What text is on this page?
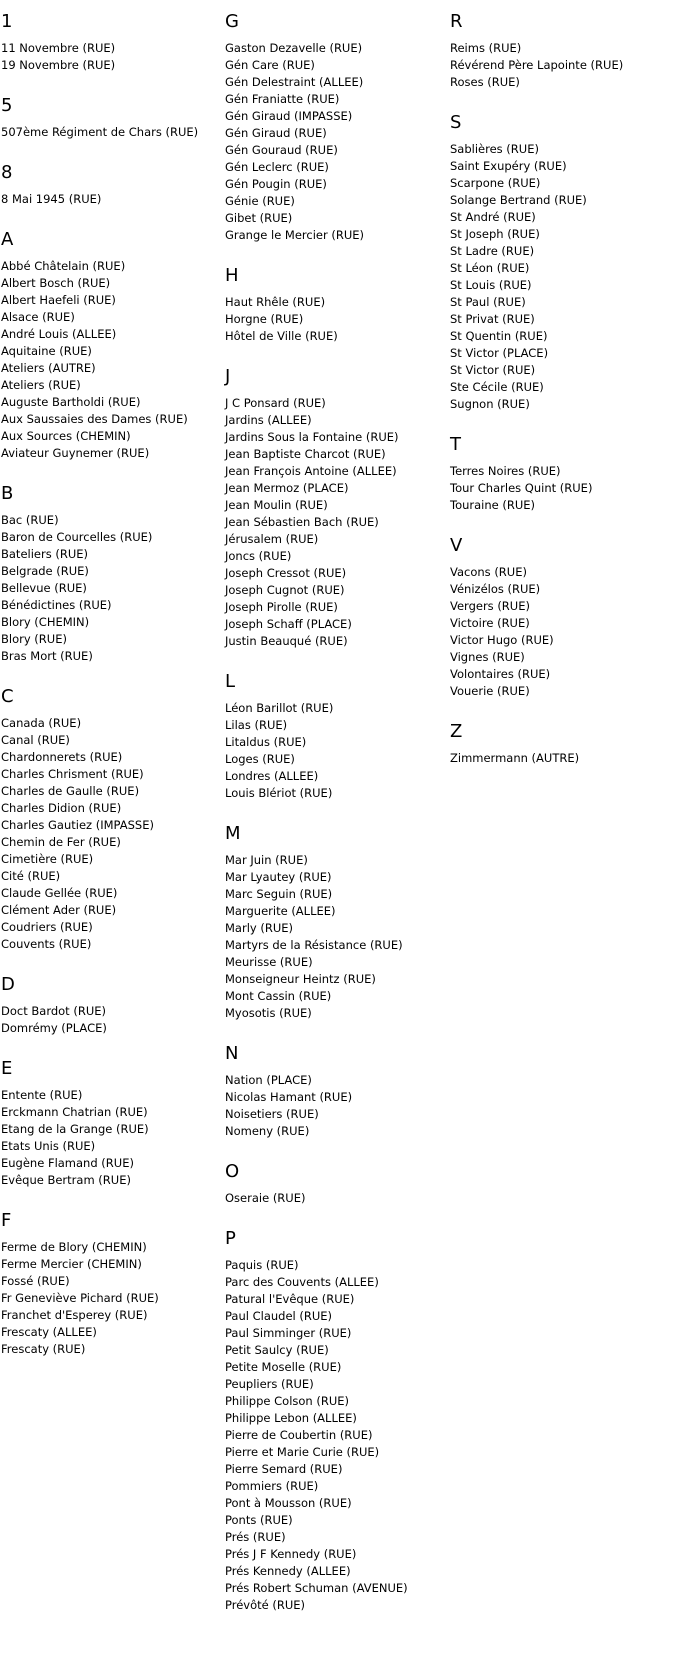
1
11 Novembre (RUE)
19 Novembre (RUE)
5
507ème Régiment de Chars (RUE)
8
8 Mai 1945 (RUE)
A
Abbé Châtelain (RUE)
Albert Bosch (RUE)
Albert Haefeli (RUE)
Alsace (RUE)
André Louis (ALLEE)
Aquitaine (RUE)
Ateliers (AUTRE)
Ateliers (RUE)
Auguste Bartholdi (RUE)
Aux Saussaies des Dames (RUE)
Aux Sources (CHEMIN)
Aviateur Guynemer (RUE)
B
Bac (RUE)
Baron de Courcelles (RUE)
Bateliers (RUE)
Belgrade (RUE)
Bellevue (RUE)
Bénédictines (RUE)
Blory (CHEMIN)
Blory (RUE)
Bras Mort (RUE)
C
Canada (RUE)
Canal (RUE)
Chardonnerets (RUE)
Charles Chrisment (RUE)
Charles de Gaulle (RUE)
Charles Didion (RUE)
Charles Gautiez (IMPASSE)
Chemin de Fer (RUE)
Cimetière (RUE)
Cité (RUE)
Claude Gellée (RUE)
Clément Ader (RUE)
Coudriers (RUE)
Couvents (RUE)
D
Doct Bardot (RUE)
Domrémy (PLACE)
E
Entente (RUE)
Erckmann Chatrian (RUE)
Etang de la Grange (RUE)
Etats Unis (RUE)
Eugène Flamand (RUE)
Evêque Bertram (RUE)
F
Ferme de Blory (CHEMIN)
Ferme Mercier (CHEMIN)
Fossé (RUE)
Fr Geneviève Pichard (RUE)
Franchet d'Esperey (RUE)
Frescaty (ALLEE)
Frescaty (RUE)
G
Gaston Dezavelle (RUE)
Gén Care (RUE)
Gén Delestraint (ALLEE)
Gén Franiatte (RUE)
Gén Giraud (IMPASSE)
Gén Giraud (RUE)
Gén Gouraud (RUE)
Gén Leclerc (RUE)
Gén Pougin (RUE)
Génie (RUE)
Gibet (RUE)
Grange le Mercier (RUE)
H
Haut Rhêle (RUE)
Horgne (RUE)
Hôtel de Ville (RUE)
J
J C Ponsard (RUE)
Jardins (ALLEE)
Jardins Sous la Fontaine (RUE)
Jean Baptiste Charcot (RUE)
Jean François Antoine (ALLEE)
Jean Mermoz (PLACE)
Jean Moulin (RUE)
Jean Sébastien Bach (RUE)
Jérusalem (RUE)
Joncs (RUE)
Joseph Cressot (RUE)
Joseph Cugnot (RUE)
Joseph Pirolle (RUE)
Joseph Schaff (PLACE)
Justin Beauqué (RUE)
L
Léon Barillot (RUE)
Lilas (RUE)
Litaldus (RUE)
Loges (RUE)
Londres (ALLEE)
Louis Blériot (RUE)
M
Mar Juin (RUE)
Mar Lyautey (RUE)
Marc Seguin (RUE)
Marguerite (ALLEE)
Marly (RUE)
Martyrs de la Résistance (RUE)
Meurisse (RUE)
Monseigneur Heintz (RUE)
Mont Cassin (RUE)
Myosotis (RUE)
N
Nation (PLACE)
Nicolas Hamant (RUE)
Noisetiers (RUE)
Nomeny (RUE)
O
Oseraie (RUE)
P
Paquis (RUE)
Parc des Couvents (ALLEE)
Patural l'Evêque (RUE)
Paul Claudel (RUE)
Paul Simminger (RUE)
Petit Saulcy (RUE)
Petite Moselle (RUE)
Peupliers (RUE)
Philippe Colson (RUE)
Philippe Lebon (ALLEE)
Pierre de Coubertin (RUE)
Pierre et Marie Curie (RUE)
Pierre Semard (RUE)
Pommiers (RUE)
Pont à Mousson (RUE)
Ponts (RUE)
Prés (RUE)
Prés J F Kennedy (RUE)
Prés Kennedy (ALLEE)
Prés Robert Schuman (AVENUE)
Prévôté (RUE)
R
Reims (RUE)
Révérend Père Lapointe (RUE)
Roses (RUE)
S
Sablières (RUE)
Saint Exupéry (RUE)
Scarpone (RUE)
Solange Bertrand (RUE)
St André (RUE)
St Joseph (RUE)
St Ladre (RUE)
St Léon (RUE)
St Louis (RUE)
St Paul (RUE)
St Privat (RUE)
St Quentin (RUE)
St Victor (PLACE)
St Victor (RUE)
Ste Cécile (RUE)
Sugnon (RUE)
T
Terres Noires (RUE)
Tour Charles Quint (RUE)
Touraine (RUE)
V
Vacons (RUE)
Vénizélos (RUE)
Vergers (RUE)
Victoire (RUE)
Victor Hugo (RUE)
Vignes (RUE)
Volontaires (RUE)
Vouerie (RUE)
Z
Zimmermann (AUTRE)
